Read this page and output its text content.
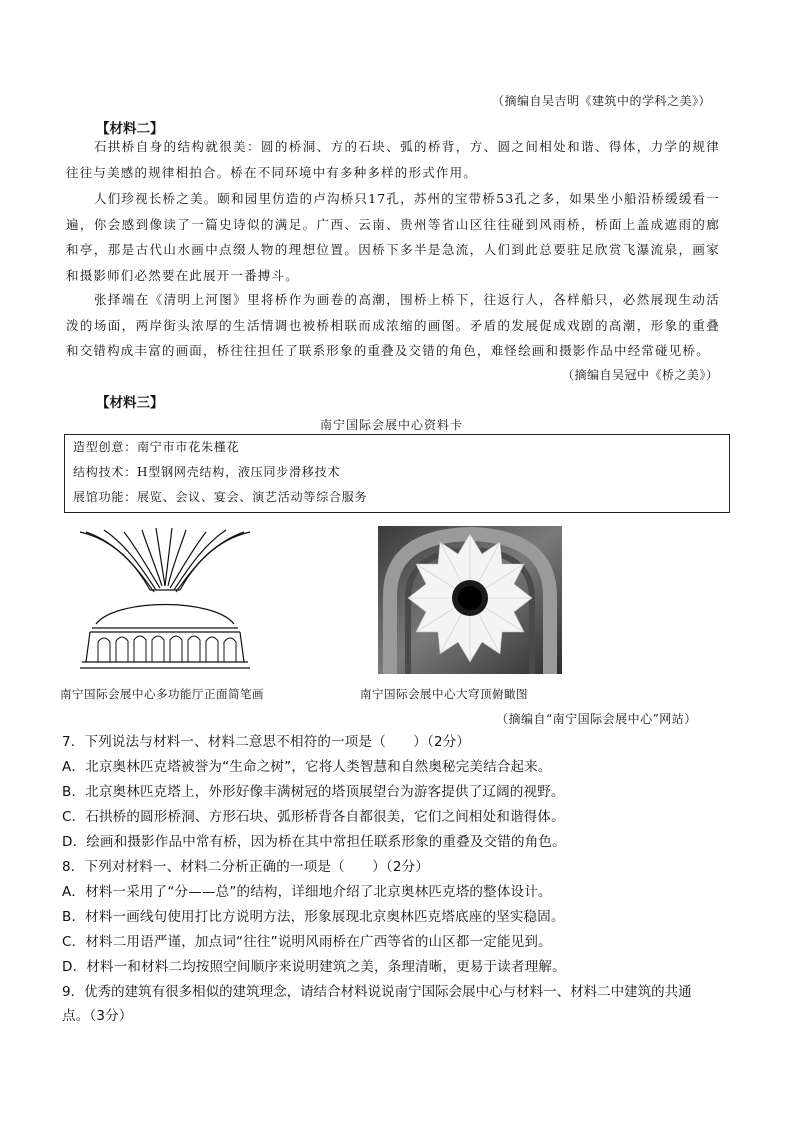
（摘编自吴吉明《建筑中的学科之美》）
【材料二】
石拱桥自身的结构就很美：圆的桥洞、方的石块、弧的桥背，方、圆之间相处和谐、得体，力学的规律往往与美感的规律相拍合。桥在不同环境中有多种多样的形式作用。
人们珍视长桥之美。颐和园里仿造的卢沟桥只17孔，苏州的宝带桥53孔之多，如果坐小船沿桥缓缓看一遍，你会感到像读了一篇史诗似的满足。广西、云南、贵州等省山区往往碰到风雨桥，桥面上盖成遮雨的廊和亭，那是古代山水画中点缀人物的理想位置。因桥下多半是急流，人们到此总要驻足欣赏飞瀑流泉，画家和摄影师们必然要在此展开一番搏斗。
张择端在《清明上河图》里将桥作为画卷的高潮，围桥上桥下，往返行人，各样船只，必然展现生动活泼的场面，两岸街头浓厚的生活情调也被桥相联而成浓缩的画图。矛盾的发展促成戏剧的高潮，形象的重叠和交错构成丰富的画面，桥往往担任了联系形象的重叠及交错的角色，难怪绘画和摄影作品中经常碰见桥。
（摘编自吴冠中《桥之美》）
【材料三】
南宁国际会展中心资料卡
造型创意：南宁市市花朱槿花
结构技术：H型钢网壳结构，液压同步滑移技术
展馆功能：展览、会议、宴会、演艺活动等综合服务
南宁国际会展中心多功能厅正面简笔画	南宁国际会展中心大穹顶俯瞰图
（摘编自“南宁国际会展中心”网站）
7．下列说法与材料一、材料二意思不相符的一项是（　　）（2分）
A．北京奥林匹克塔被誉为“生命之树”，它将人类智慧和自然奥秘完美结合起来。
B．北京奥林匹克塔上，外形好像丰满树冠的塔顶展望台为游客提供了辽阔的视野。
C．石拱桥的圆形桥洞、方形石块、弧形桥背各自都很美，它们之间相处和谐得体。
D．绘画和摄影作品中常有桥，因为桥在其中常担任联系形象的重叠及交错的角色。
8．下列对材料一、材料二分析正确的一项是（　　）（2分）
A．材料一采用了“分——总”的结构，详细地介绍了北京奥林匹克塔的整体设计。
B．材料一画线句使用打比方说明方法，形象展现北京奥林匹克塔底座的坚实稳固。
C．材料二用语严谨，加点词“往往”说明风雨桥在广西等省的山区都一定能见到。
D．材料一和材料二均按照空间顺序来说明建筑之美，条理清晰，更易于读者理解。
9．优秀的建筑有很多相似的建筑理念，请结合材料说说南宁国际会展中心与材料一、材料二中建筑的共通
点。（3分）
